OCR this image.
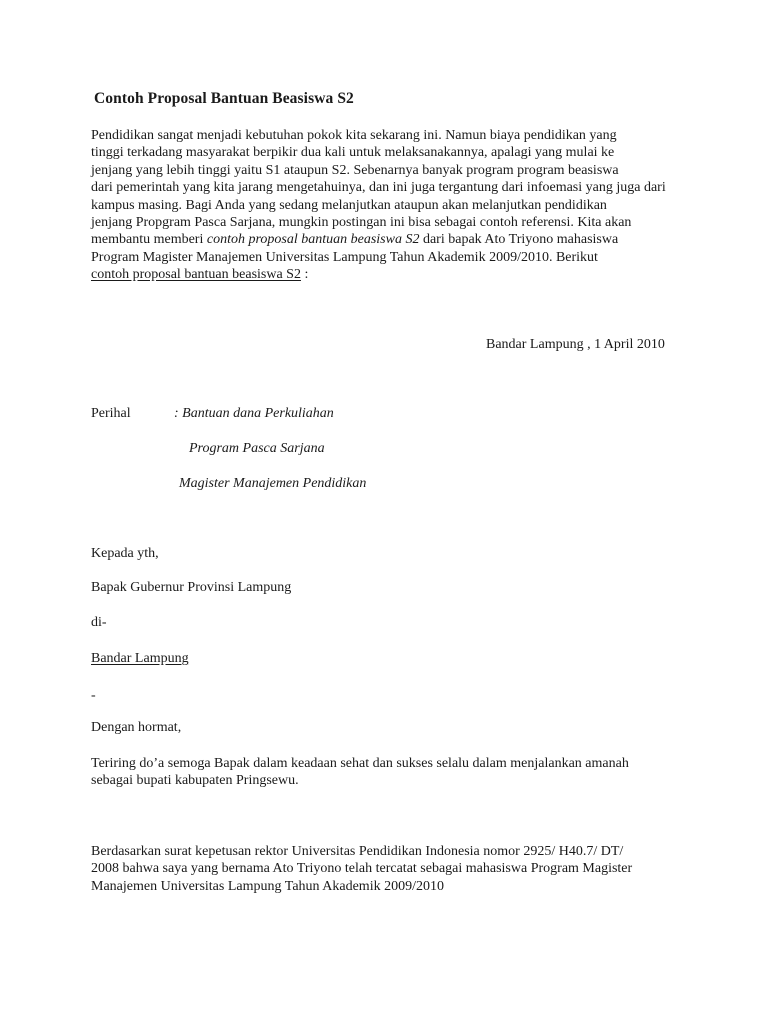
Contoh Proposal Bantuan Beasiswa S2
Pendidikan sangat menjadi kebutuhan pokok kita sekarang ini. Namun biaya pendidikan yang
tinggi terkadang masyarakat berpikir dua kali untuk melaksanakannya, apalagi yang mulai ke
jenjang yang lebih tinggi yaitu S1 ataupun S2. Sebenarnya banyak program program beasiswa
dari pemerintah yang kita jarang mengetahuinya, dan ini juga tergantung dari infoemasi yang juga dari
kampus masing. Bagi Anda yang sedang melanjutkan ataupun akan melanjutkan pendidikan
jenjang Propgram Pasca Sarjana, mungkin postingan ini bisa sebagai contoh referensi. Kita akan
membantu memberi contoh proposal bantuan beasiswa S2 dari bapak Ato Triyono mahasiswa
Program Magister Manajemen Universitas Lampung Tahun Akademik 2009/2010. Berikut
contoh proposal bantuan beasiswa S2 :

Bandar Lampung , 1 April 2010

Perihal	: Bantuan dana Perkuliahan

Program Pasca Sarjana

Magister Manajemen Pendidikan

Kepada yth,

Bapak Gubernur Provinsi Lampung

di-

Bandar Lampung

-

Dengan hormat,

Teriring do’a semoga Bapak dalam keadaan sehat dan sukses selalu dalam menjalankan amanah
sebagai bupati kabupaten Pringsewu.
Berdasarkan surat kepetusan rektor Universitas Pendidikan Indonesia nomor 2925/ H40.7/ DT/
2008 bahwa saya yang bernama Ato Triyono telah tercatat sebagai mahasiswa Program Magister
Manajemen Universitas Lampung Tahun Akademik 2009/2010
